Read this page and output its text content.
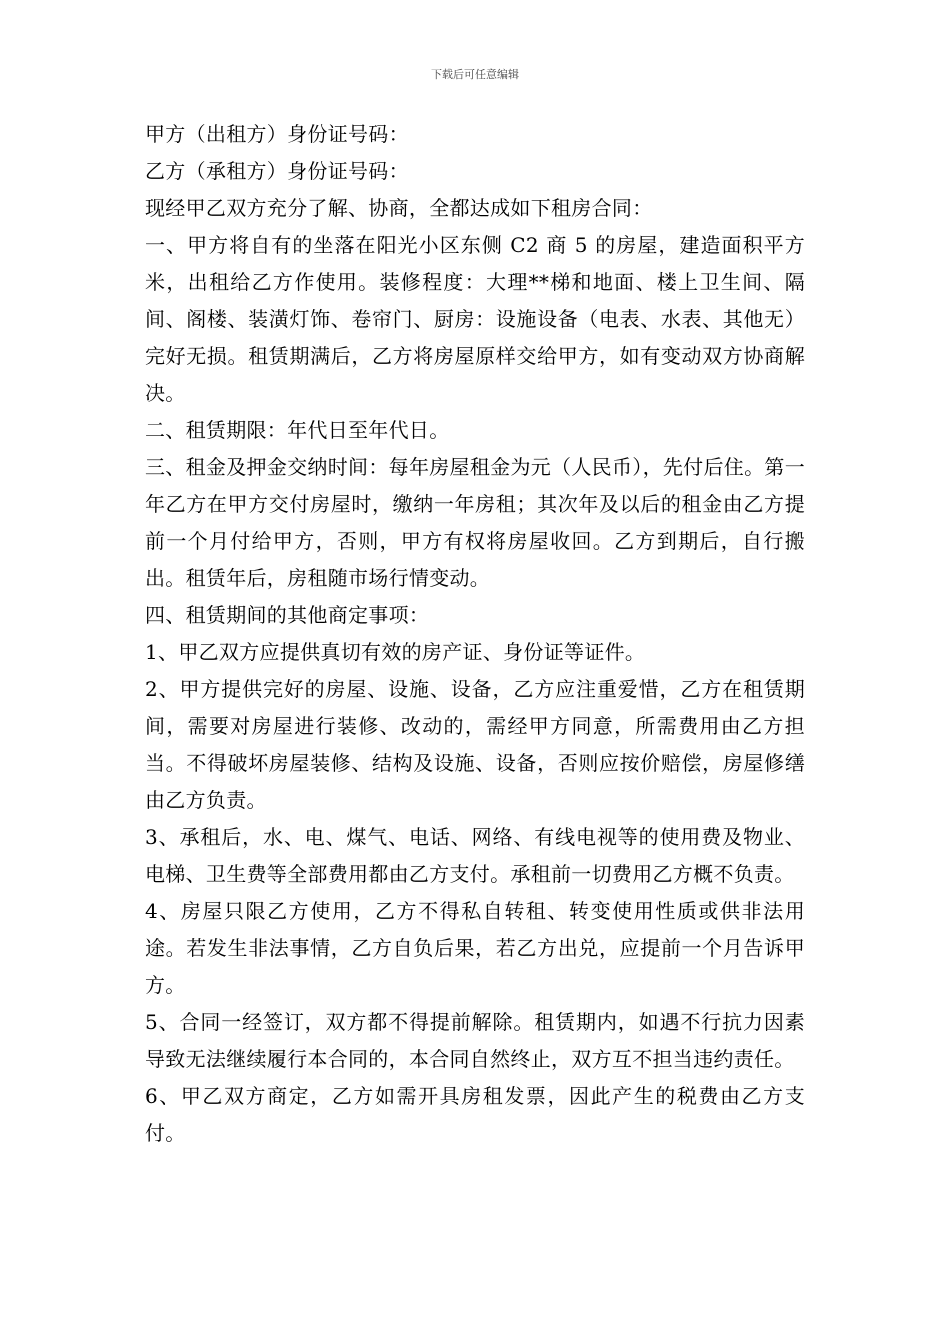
下载后可任意编辑

甲方（出租方）身份证号码：

乙方（承租方）身份证号码：

现经甲乙双方充分了解、协商，全都达成如下租房合同：

一、甲方将自有的坐落在阳光小区东侧 C2 商 5 的房屋，建造面积平方米，出租给乙方作使用。装修程度：大理**梯和地面、楼上卫生间、隔间、阁楼、装潢灯饰、卷帘门、厨房：设施设备（电表、水表、其他无）完好无损。租赁期满后，乙方将房屋原样交给甲方，如有变动双方协商解决。

二、租赁期限：年代日至年代日。

三、租金及押金交纳时间：每年房屋租金为元（人民币），先付后住。第一年乙方在甲方交付房屋时，缴纳一年房租；其次年及以后的租金由乙方提前一个月付给甲方，否则，甲方有权将房屋收回。乙方到期后，自行搬出。租赁年后，房租随市场行情变动。

四、租赁期间的其他商定事项：

1、甲乙双方应提供真切有效的房产证、身份证等证件。

2、甲方提供完好的房屋、设施、设备，乙方应注重爱惜，乙方在租赁期间，需要对房屋进行装修、改动的，需经甲方同意，所需费用由乙方担当。不得破坏房屋装修、结构及设施、设备，否则应按价赔偿，房屋修缮由乙方负责。

3、承租后，水、电、煤气、电话、网络、有线电视等的使用费及物业、电梯、卫生费等全部费用都由乙方支付。承租前一切费用乙方概不负责。

4、房屋只限乙方使用，乙方不得私自转租、转变使用性质或供非法用途。若发生非法事情，乙方自负后果，若乙方出兑，应提前一个月告诉甲方。

5、合同一经签订，双方都不得提前解除。租赁期内，如遇不行抗力因素导致无法继续履行本合同的，本合同自然终止，双方互不担当违约责任。

6、甲乙双方商定，乙方如需开具房租发票，因此产生的税费由乙方支付。
